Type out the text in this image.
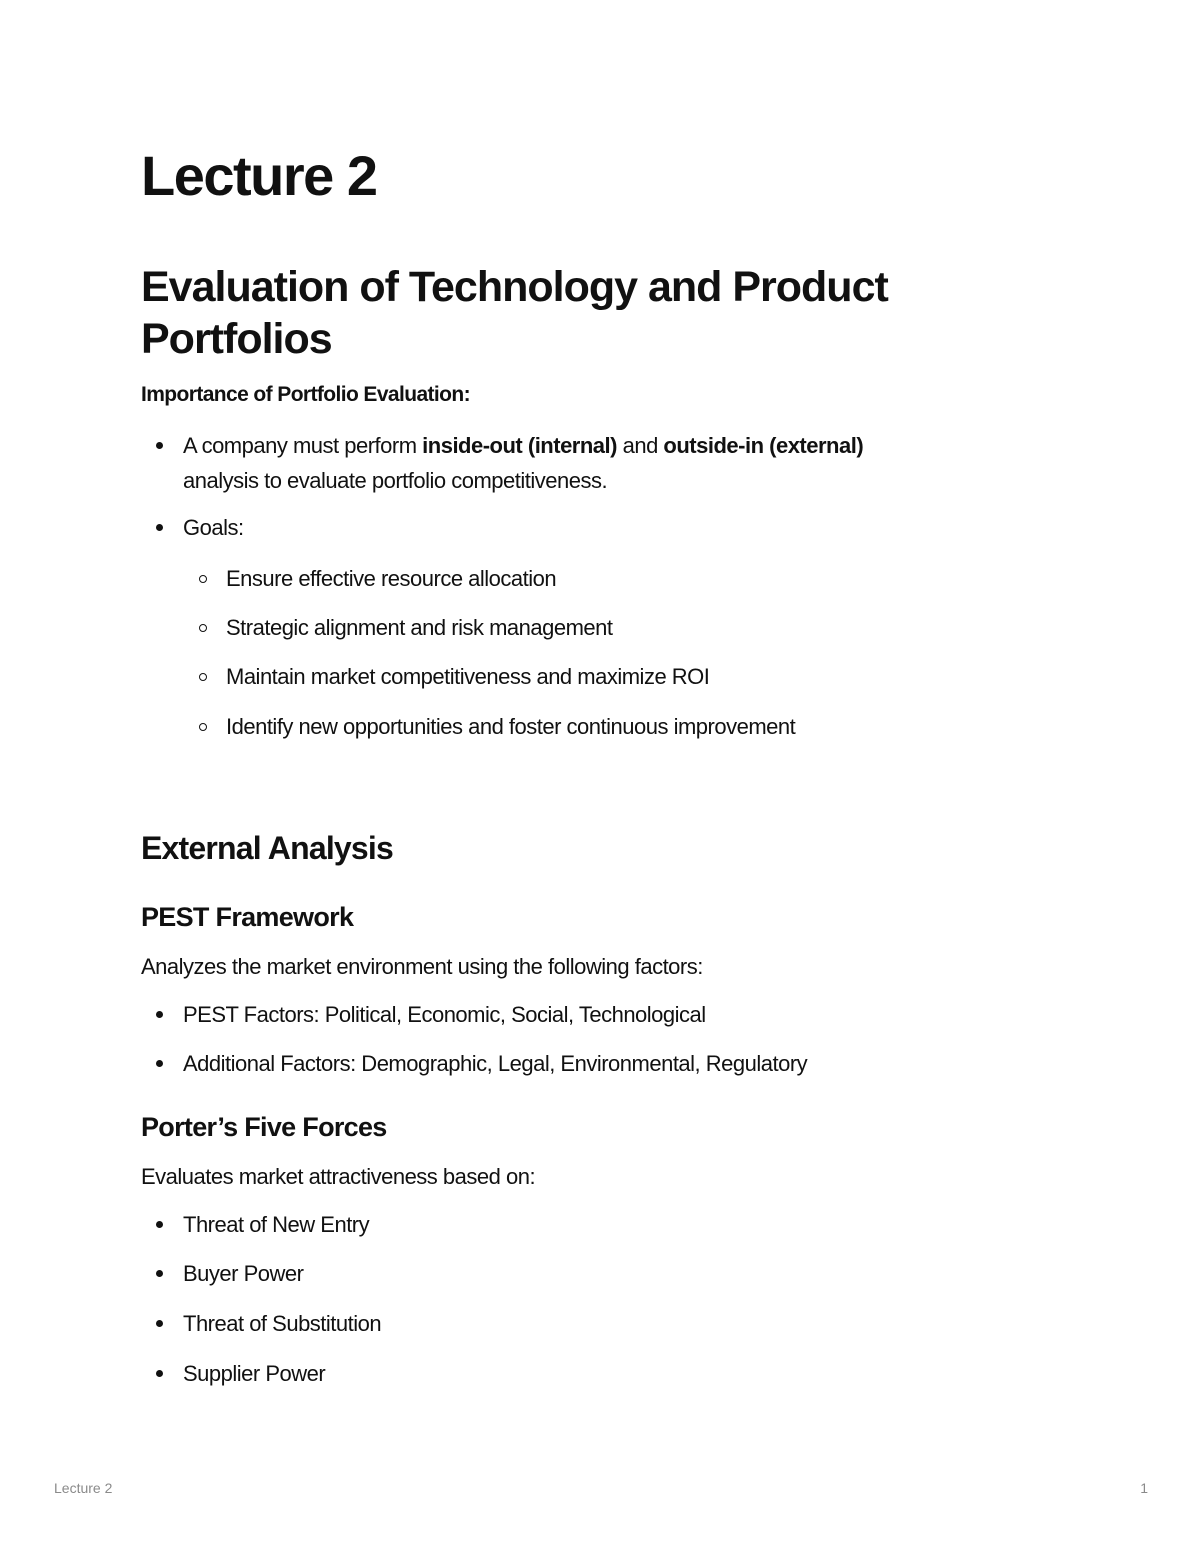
Lecture 2
Evaluation of Technology and Product Portfolios

Importance of Portfolio Evaluation:

A company must perform inside-out (internal) and outside-in (external)

analysis to evaluate portfolio competitiveness.

Goals:
Ensure effective resource allocation
Strategic alignment and risk management
Maintain market competitiveness and maximize ROI
Identify new opportunities and foster continuous improvement
External Analysis
PEST Framework

Analyzes the market environment using the following factors:

PEST Factors: Political, Economic, Social, Technological
Additional Factors: Demographic, Legal, Environmental, Regulatory
Porter’s Five Forces

Evaluates market attractiveness based on:

Threat of New Entry
Buyer Power
Threat of Substitution
Supplier Power
Lecture 2	1
